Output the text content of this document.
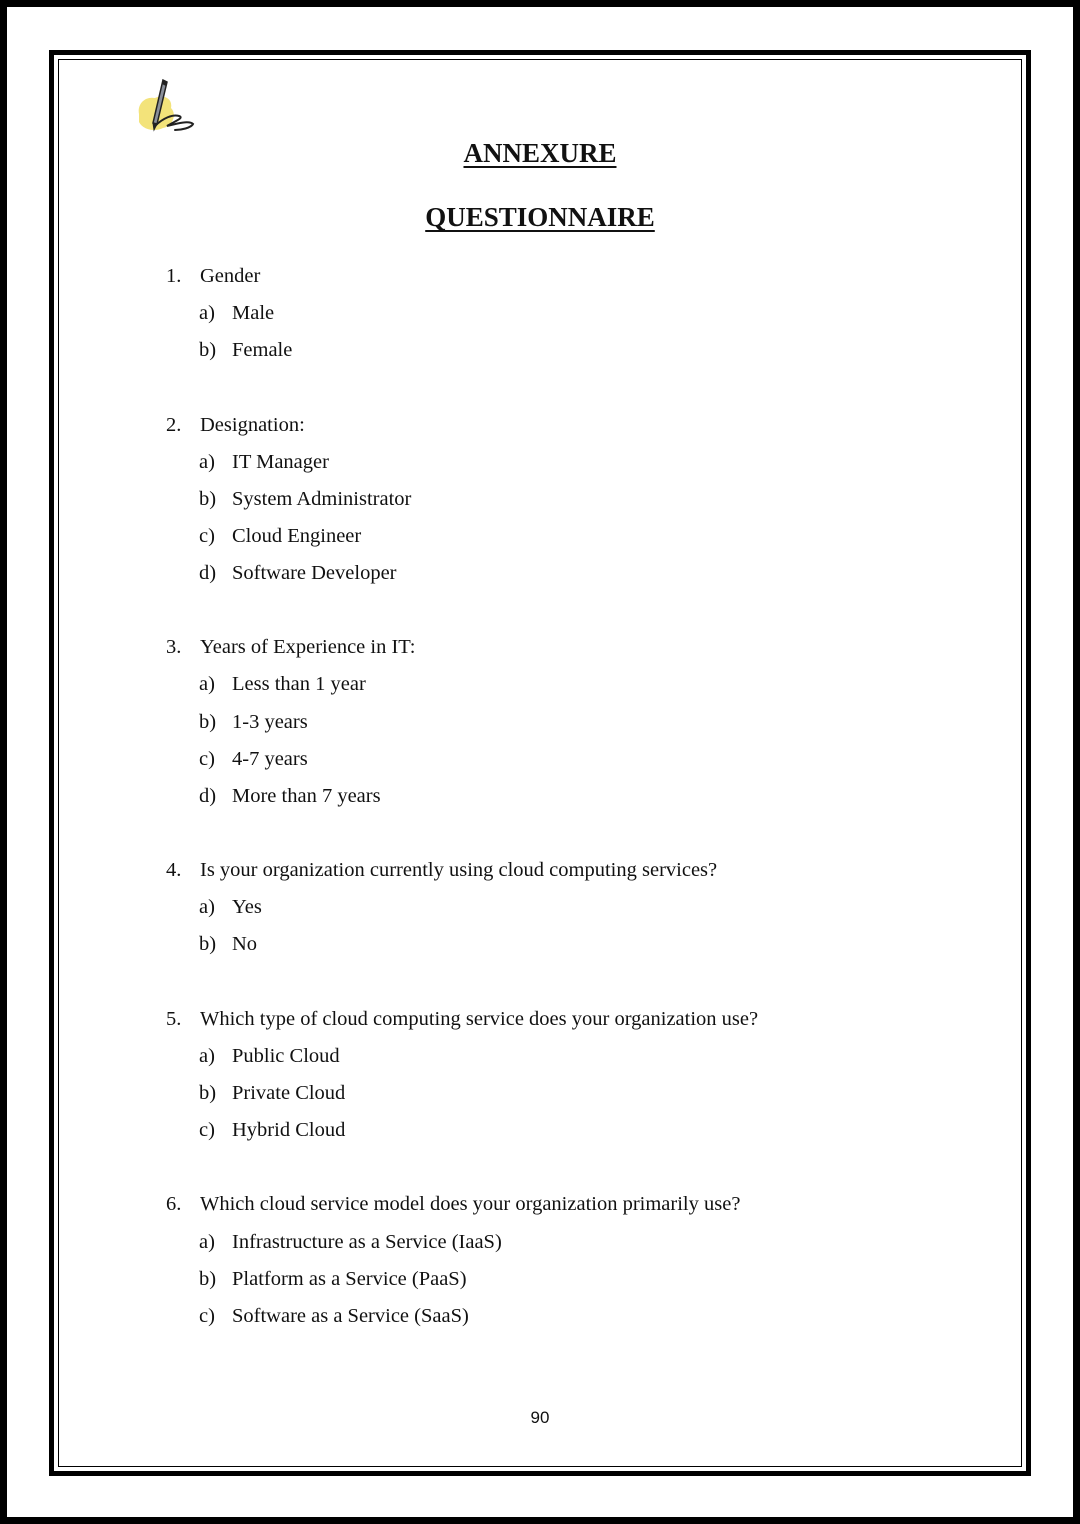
ANNEXURE
QUESTIONNAIRE
1. Gender
a) Male
b) Female
2. Designation:
a) IT Manager
b) System Administrator
c) Cloud Engineer
d) Software Developer
3. Years of Experience in IT:
a) Less than 1 year
b) 1-3 years
c) 4-7 years
d) More than 7 years
4. Is your organization currently using cloud computing services?
a) Yes
b) No
5. Which type of cloud computing service does your organization use?
a) Public Cloud
b) Private Cloud
c) Hybrid Cloud
6. Which cloud service model does your organization primarily use?
a) Infrastructure as a Service (IaaS)
b) Platform as a Service (PaaS)
c) Software as a Service (SaaS)
90
